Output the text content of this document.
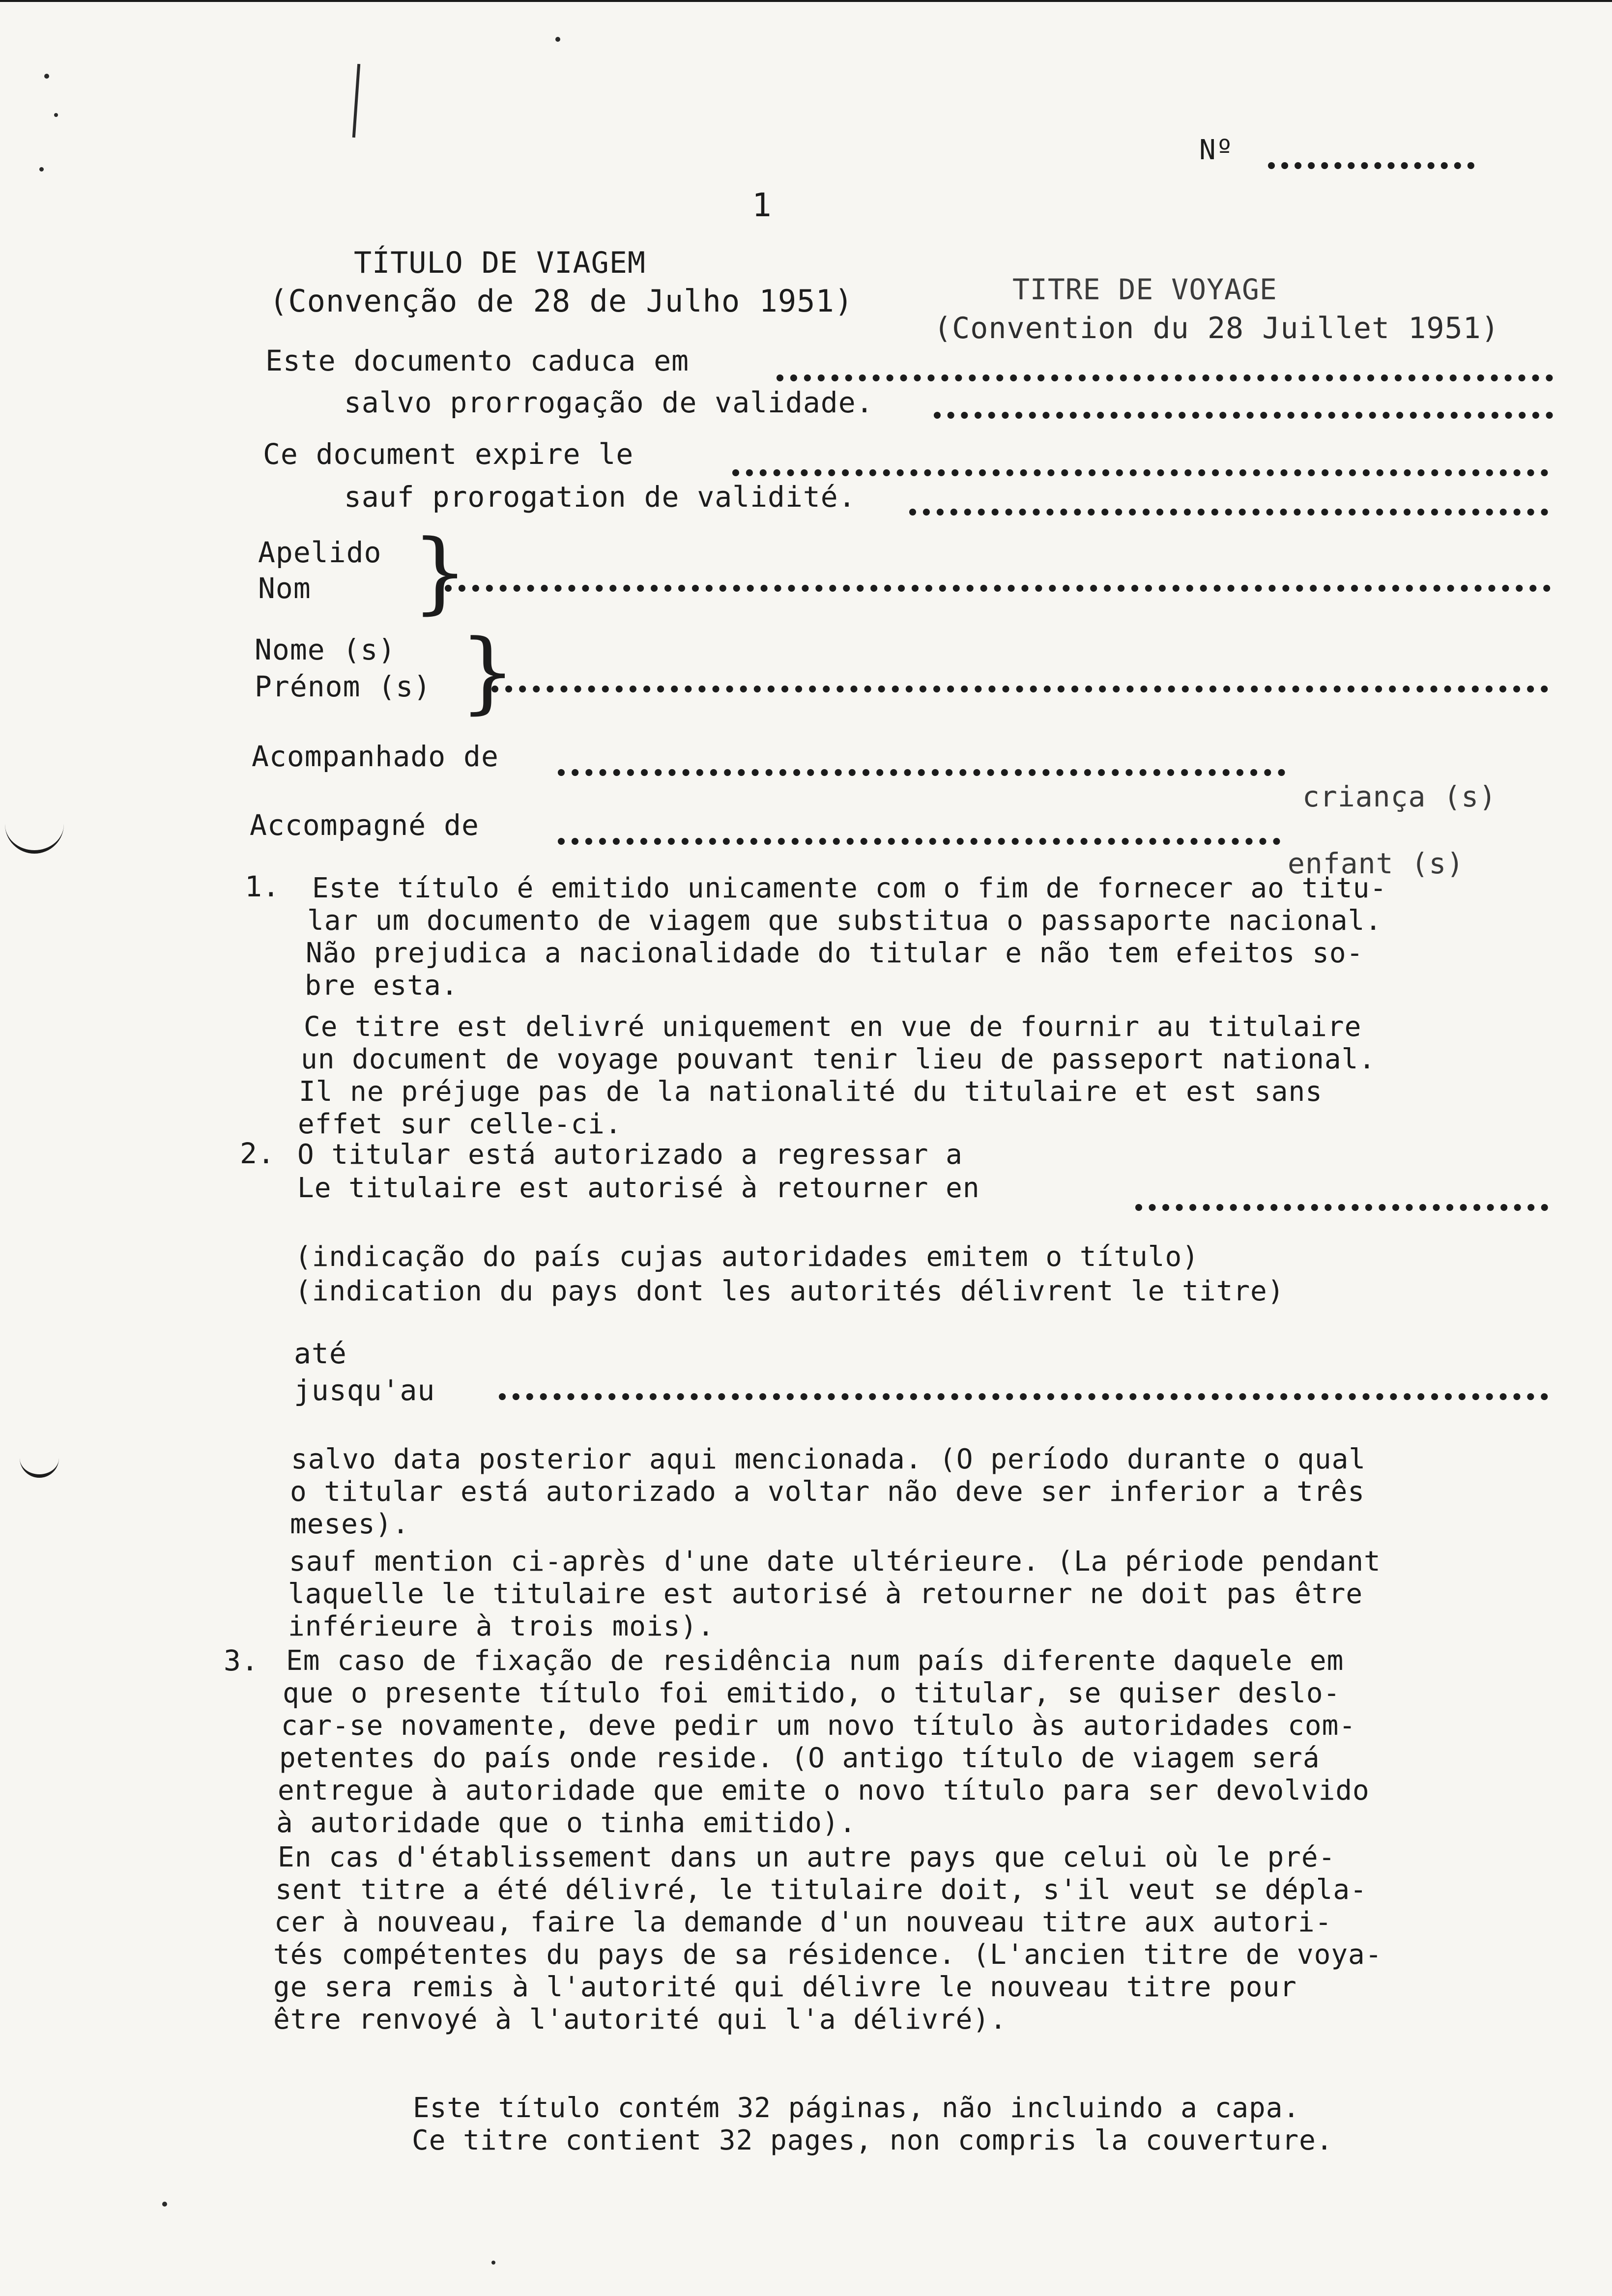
Nº
1
TÍTULO DE VIAGEM
(Convenção de 28 de Julho 1951)	TITRE DE VOYAGE
(Convention du 28 Juillet 1951)
Este documento caduca em
salvo prorrogação de validade.
Ce document expire le
sauf prorogation de validité.
Apelido
Nom }
Nome (s)
Prénom (s) }
Acompanhado de
criança (s)
Accompagné de
enfant (s)
1. Este título é emitido unicamente com o fim de fornecer ao titu-
lar um documento de viagem que substitua o passaporte nacional.
Não prejudica a nacionalidade do titular e não tem efeitos so-
bre esta.
Ce titre est delivré uniquement en vue de fournir au titulaire
un document de voyage pouvant tenir lieu de passeport national.
Il ne préjuge pas de la nationalité du titulaire et est sans
effet sur celle-ci.
2. O titular está autorizado a regressar a
Le titulaire est autorisé à retourner en
(indicação do país cujas autoridades emitem o título)
(indication du pays dont les autorités délivrent le titre)
até
jusqu'au
salvo data posterior aqui mencionada. (O período durante o qual
o titular está autorizado a voltar não deve ser inferior a três
meses).
sauf mention ci-après d'une date ultérieure. (La période pendant
laquelle le titulaire est autorisé à retourner ne doit pas être
inférieure à trois mois).
3. Em caso de fixação de residência num país diferente daquele em
que o presente título foi emitido, o titular, se quiser deslo-
car-se novamente, deve pedir um novo título às autoridades com-
petentes do país onde reside. (O antigo título de viagem será
entregue à autoridade que emite o novo título para ser devolvido
à autoridade que o tinha emitido).
En cas d'établissement dans un autre pays que celui où le pré-
sent titre a été délivré, le titulaire doit, s'il veut se dépla-
cer à nouveau, faire la demande d'un nouveau titre aux autori-
tés compétentes du pays de sa résidence. (L'ancien titre de voya-
ge sera remis à l'autorité qui délivre le nouveau titre pour
être renvoyé à l'autorité qui l'a délivré).
Este título contém 32 páginas, não incluindo a capa.
Ce titre contient 32 pages, non compris la couverture.
